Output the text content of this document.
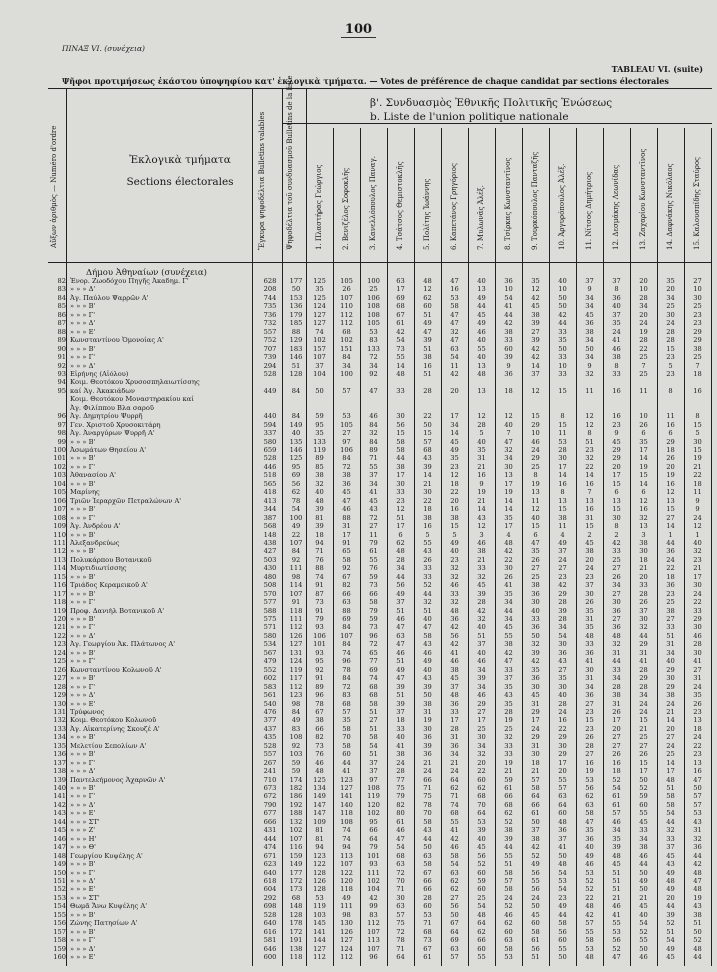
100
ΠΙΝΑΞ VI. (συνέχεια)
TABLEAU VI. (suite)
Ψῆφοι προτιμήσεως ἑκάστου ὑποψηφίου κατ' ἐκλογικὰ τμήματα. — Votes de préférence de chaque candidat par sections électorales
Αὔξων ἀριθμὸς — Numéro d'ordre	Ἐκλογικὰ τμήματα
Sections électorales	Ἔγκυρα ψηφοδέλτια Bulletins valables	Ψηφοδέλτια τοῦ συνδυασμοῦ Bulletins de la liste	β'. Συνδυασμὸς Ἐθνικῆς Πολιτικῆς Ἑνώσεως
b. Liste de l'union politique nationale
1. Πλαστήρας Γεώργιος	2. Βενιζέλος Σοφοκλῆς	3. Κανελλόπουλος Παναγ.	4. Τσάτσος Θεμιστοκλῆς	5. Πολίτης Ἰωάννης	6. Καπετάνος Γρηγόριος	7. Μυλωνᾶς Ἀλέξ.	8. Τσίρκας Κωνσταντῖνος	9. Τουρκόπουλος Πανταζῆς	10. Ἀργυρόπουλος Ἀλέξ.	11. Νίτσος Δημήτριος	12. Δεσμάκης Λεωνίδας	13. Ζαχαρίου Κωνσταντῖνος	14. Δαφνάκης Νικόλαος	15. Καλουσπίδης Σταύρος
Δήμου Ἀθηναίων (συνέχεια)
82 Ἐνορ. Ζωοδόχου Πηγῆς Ἀκαδημ. Γ'	628	177	125	105	100	63	48	47	40	36	35	40	37	37	20	35	27
83 » » » Δ'	208	50	35	26	25	17	12	16	13	10	12	10	9	8	10	20	10
84 Ἀγ. Παύλου Ψαρρῶν Α'	744	153	125	107	106	69	62	53	49	54	42	50	34	36	28	34	30
85 » » » Β'	735	136	124	110	108	68	60	58	44	41	45	50	34	40	34	25	25
86 » » » Γ'	736	179	127	112	108	67	51	47	45	44	38	42	45	37	20	30	23
87 » » » Δ'	732	185	127	112	105	61	49	47	49	42	39	44	36	35	24	24	23
88 » » » Ε'	557	88	74	68	53	42	47	32	46	38	27	33	38	24	19	28	29
89 Κωνσταντίνου Ὁμονοίας Α'	752	129	102	102	83	54	39	47	40	33	39	35	34	41	28	28	29
90 » » » Β'	707	183	157	151	133	73	51	63	55	60	42	50	50	46	22	15	38
91 » » » Γ'	739	146	107	84	72	55	38	54	40	39	42	33	34	38	25	23	25
92 » » » Δ'	294	51	37	34	34	14	16	11	13	9	14	10	9	8	7	5	7
93 Εἰρήνης (Αἰόλου)	528	128	104	100	92	48	51	42	48	36	37	33	32	33	25	23	18
94 Κοιμ. Θεοτόκου Χρυσοσπηλαιωτίσσης
95 καί Ἀγ. Ἀκακιάδων	449	84	50	57	47	33	28	20	13	18	12	15	11	16	11	8	16
Κοιμ. Θεοτόκου Μοναστηρακίου καί
Ἀγ. Φιλίππου Βλα σαροῦ
96 Ἀγ. Δημητρίου Ψυρρῆ	440	84	59	53	46	30	22	17	12	12	15	8	12	16	10	11	8
97 Γεν. Χριστοῦ Χρυσοκιτάρη	594	149	95	105	84	56	50	34	28	40	29	15	12	23	26	16	15
98 Ἀγ. Ἀναργύρων Ψυρρῆ Α'	337	40	35	27	32	15	15	14	5	7	10	11	8	9	6	6	5
99 » » » Β'	580	135	133	97	84	58	57	45	40	47	46	53	51	45	35	29	30
100 Ἀσωμάτων Θησείου Α'	659	146	119	106	89	58	68	49	35	32	24	28	23	29	17	18	15
101 » » » Β'	528	125	89	84	71	44	43	35	31	34	29	30	32	29	14	26	19
102 » » » Γ'	446	95	85	72	55	38	39	23	21	30	25	17	22	20	19	20	21
103 Ἀθανασίου Α'	518	69	38	38	37	17	14	12	16	13	8	14	14	17	15	19	22
104 » » » Β'	565	56	32	36	34	30	21	18	9	17	19	16	16	15	14	16	18
105 Μαρίνης	418	62	40	45	41	33	30	22	19	19	13	8	7	6	6	12	11
106 Τριῶν Ἱεραρχῶν Πετραλώνων Α'	413	78	48	47	45	23	22	20	21	14	11	13	13	13	12	13	9
107 » » » Β'	344	54	39	46	43	12	18	16	14	14	12	15	16	15	16	15	9
108 » » » Γ'	387	100	81	88	72	51	38	38	43	35	40	38	31	30	32	27	24
109 Ἀγ. Ἀνδρέου Α'	568	49	39	31	27	17	16	15	12	17	15	11	15	8	13	14	12
110 » » » Β'	148	22	18	17	11	6	5	5	3	4	6	4	2	2	3	1	1
111 Ἀλεξανδρεύως	438	107	94	91	79	62	55	49	46	48	47	49	45	42	38	44	40
112 » » » Β'	427	84	71	65	61	48	43	40	38	42	35	37	38	33	30	36	32
113 Πολυκάρπου Βοτανικοῦ	503	92	76	58	55	28	26	23	21	22	26	24	20	25	18	24	23
114 Μυρτιδιωτίσσης	430	111	88	92	76	34	33	32	33	30	27	27	24	27	21	22	21
115 » » » Β'	480	98	74	67	59	44	33	32	32	26	25	23	23	26	20	18	17
116 Τριάδος Κεραμεικοῦ Α'	508	114	91	82	73	56	52	46	45	41	38	42	37	34	33	36	30
117 » » » Β'	570	107	87	66	66	49	44	33	39	35	36	29	30	27	28	23	24
118 » » » Γ'	577	91	73	63	58	37	32	32	28	34	30	28	26	30	26	25	22
119 Προφ. Δανιὴλ Βοτανικοῦ Α'	588	118	91	88	79	51	51	48	42	44	40	39	35	36	37	38	33
120 » » » Β'	575	111	79	69	59	46	40	36	32	34	33	28	31	27	30	27	29
121 » » » Γ'	571	112	93	84	73	47	47	42	40	45	36	34	35	36	32	33	30
122 » » » Δ'	580	126	106	107	96	63	58	56	51	55	50	54	48	48	44	51	46
123 Ἀγ. Γεωργίου Ἀκ. Πλάτωνος Α'	534	127	101	84	72	47	43	42	37	38	32	30	33	32	29	31	28
124 » » » Β'	567	131	93	74	65	46	46	41	40	42	39	36	36	31	31	34	30
125 » » » Γ'	479	124	95	96	77	51	49	46	46	47	42	43	41	44	41	40	41
126 Κωνσταντίνου Κολωνοῦ Α'	552	119	92	78	69	49	40	38	34	33	35	27	30	33	28	29	27
127 » » » Β'	602	117	91	84	74	47	43	45	39	37	36	35	31	34	29	30	31
128 » » » Γ'	583	112	89	72	68	39	39	37	34	35	30	30	34	28	28	29	24
129 » » » Δ'	561	123	96	83	68	51	50	48	46	43	45	40	36	38	34	38	35
130 » » » Ε'	540	98	78	68	58	39	38	36	29	35	31	28	27	31	24	24	26
131 Τρύφωνος	476	84	67	57	51	37	31	33	27	28	29	24	23	26	24	21	23
132 Κοιμ. Θεοτόκου Κολωνοῦ	377	49	38	35	27	18	19	17	17	19	17	16	15	17	15	14	13
133 Ἀγ. Αἰκατερίνης Σκουζέ Α'	437	83	66	58	51	33	30	28	25	25	24	22	23	20	21	20	18
134 » » » Β'	435	108	82	70	58	40	36	31	30	32	29	29	26	27	25	27	24
135 Μελετίου Σεπολίων Α'	528	92	73	58	54	41	39	36	34	33	31	30	28	27	27	24	22
136 » » » Β'	557	103	76	60	51	38	36	34	32	33	30	29	27	26	26	25	23
137 » » » Γ'	267	59	46	44	37	24	21	21	20	19	18	17	16	16	15	14	13
138 » » » Δ'	241	59	48	41	37	28	24	24	22	21	21	20	19	18	17	17	16
139 Παντελεήμονος Ἀχαρνῶν Α'	710	174	125	123	97	77	66	64	60	59	57	55	53	52	50	48	47
140 » » » Β'	673	182	134	127	108	75	71	62	62	61	58	57	56	54	52	51	50
141 » » » Γ'	672	186	149	141	119	79	75	71	68	66	64	63	62	61	59	58	57
142 » » » Δ'	790	192	147	140	120	82	78	74	70	68	66	64	63	61	60	58	57
143 » » » Ε'	677	188	147	118	102	80	70	68	64	62	61	60	58	57	55	54	53
144 » » » ΣΤ'	666	132	109	108	95	61	58	55	53	52	50	48	47	46	45	44	43
145 » » » Ζ'	431	102	81	74	66	46	43	41	39	38	37	36	35	34	33	32	31
146 » » » Η'	444	107	81	74	64	47	44	42	40	39	38	37	36	35	34	33	32
147 » » » Θ'	474	116	94	94	79	54	50	46	45	44	42	41	40	39	38	37	36
148 Γεωργίου Κυψέλης Α'	671	159	123	113	101	68	63	58	56	55	52	50	49	48	46	45	44
149 » » » Β'	623	149	122	107	93	63	58	54	52	51	49	48	46	45	44	43	42
150 » » » Γ'	640	177	128	122	111	72	67	63	60	58	56	54	53	51	50	49	48
151 » » » Δ'	618	172	126	120	102	70	66	62	59	57	55	53	52	51	49	48	47
152 » » » Ε'	604	173	128	118	104	71	66	62	60	58	56	54	52	51	50	49	48
153 » » » ΣΤ'	292	68	53	49	42	30	28	27	25	24	24	23	22	21	21	20	19
154 Θωμᾶ Ἄνω Κυψέλης Α'	698	148	119	111	99	63	60	56	54	52	50	49	48	46	45	44	43
155 » » » Β'	528	128	103	98	83	57	53	50	48	46	45	44	42	41	40	39	38
156 Ζώνης Πατησίων Α'	640	178	145	130	112	75	71	67	64	62	60	58	57	55	54	52	51
157 » » » Β'	616	172	141	126	107	72	68	64	62	60	58	56	55	53	52	51	50
158 » » » Γ'	581	191	144	127	113	78	73	69	66	63	61	60	58	56	55	54	52
159 » » » Δ'	646	138	127	124	107	71	67	63	60	58	56	55	53	52	50	49	48
160 » » » Ε'	600	118	112	112	96	64	61	57	55	53	51	50	48	47	46	45	44
